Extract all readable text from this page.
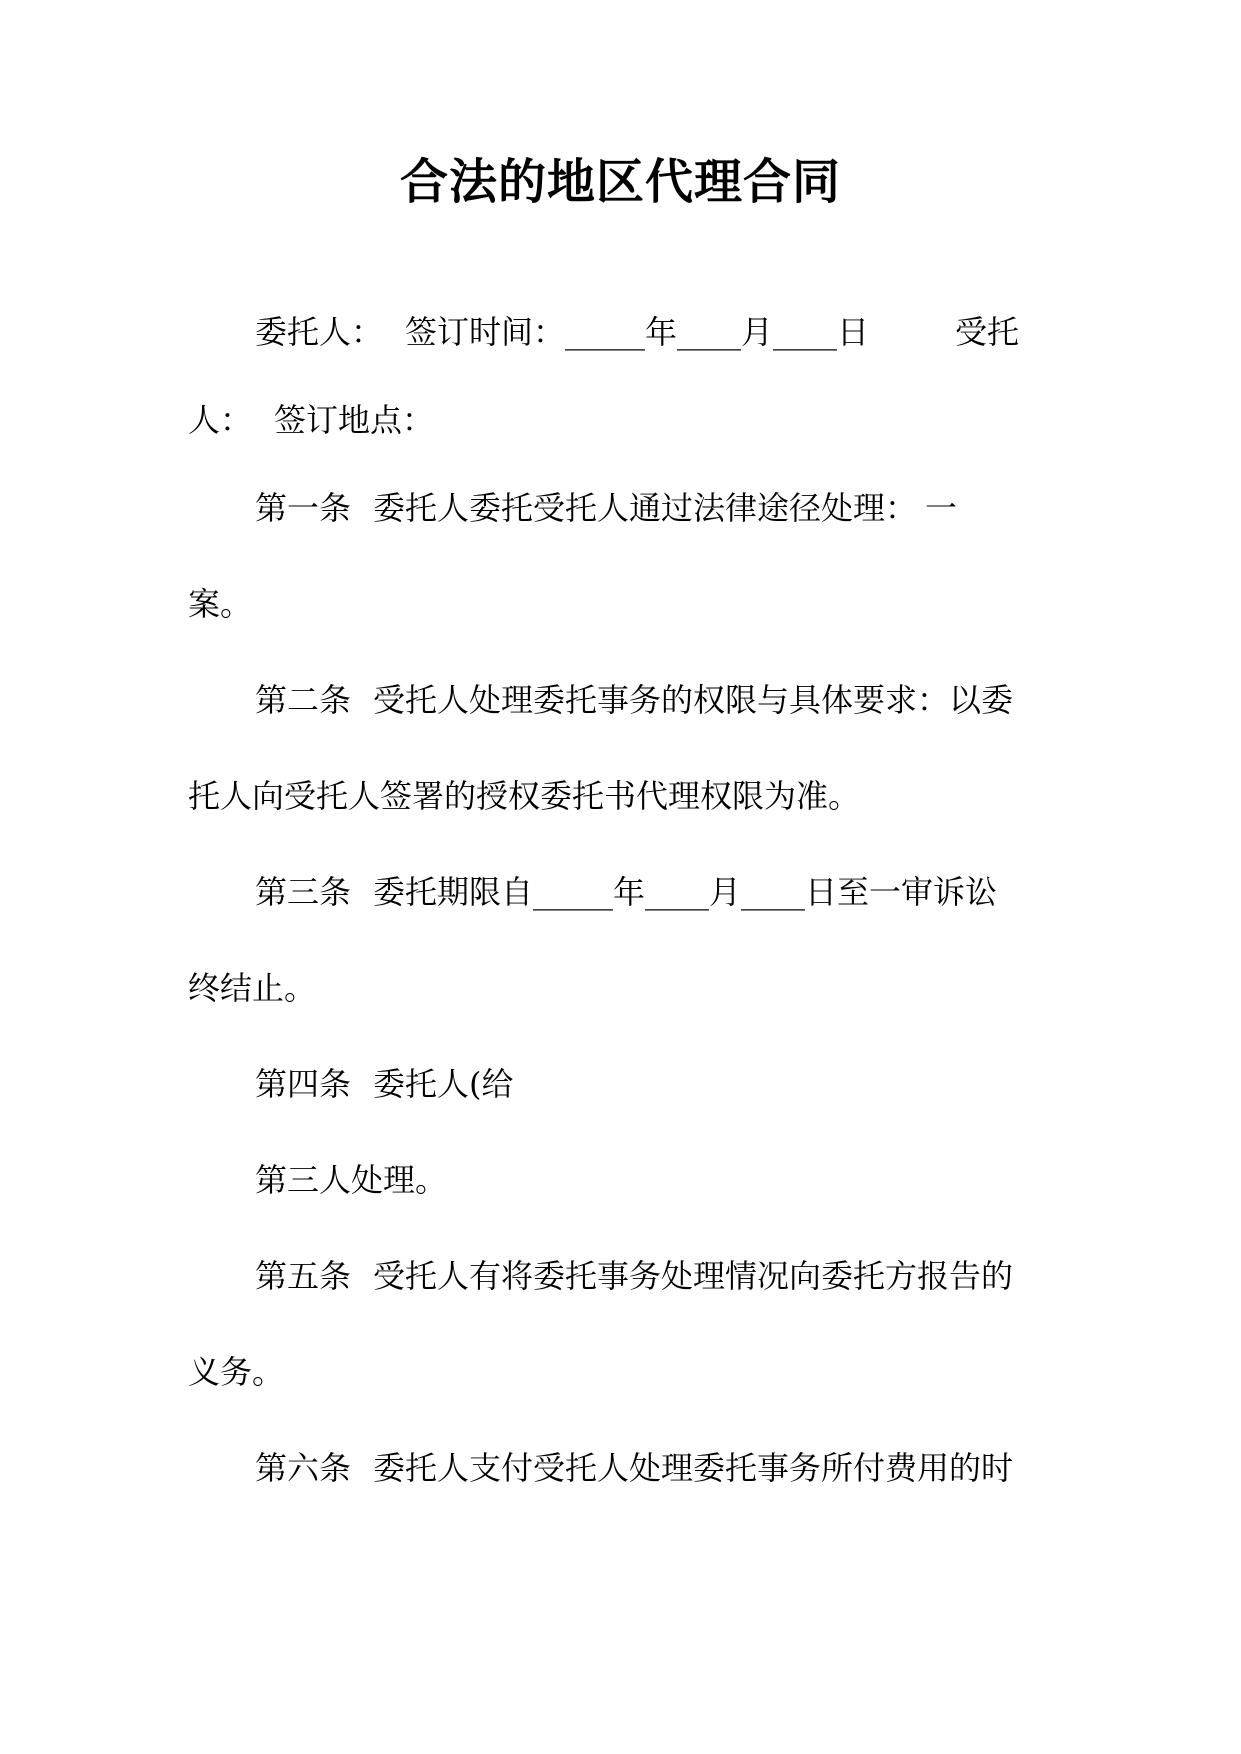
合法的地区代理合同

委托人： 签订时间：_____年____月____日	受托

人： 签订地点：

第一条 委托人委托受托人通过法律途径处理： 一

案。

第二条 受托人处理委托事务的权限与具体要求：以委

托人向受托人签署的授权委托书代理权限为准。

第三条 委托期限自_____年____月____日至一审诉讼

终结止。

第四条 委托人(给

第三人处理。

第五条 受托人有将委托事务处理情况向委托方报告的

义务。

第六条 委托人支付受托人处理委托事务所付费用的时
